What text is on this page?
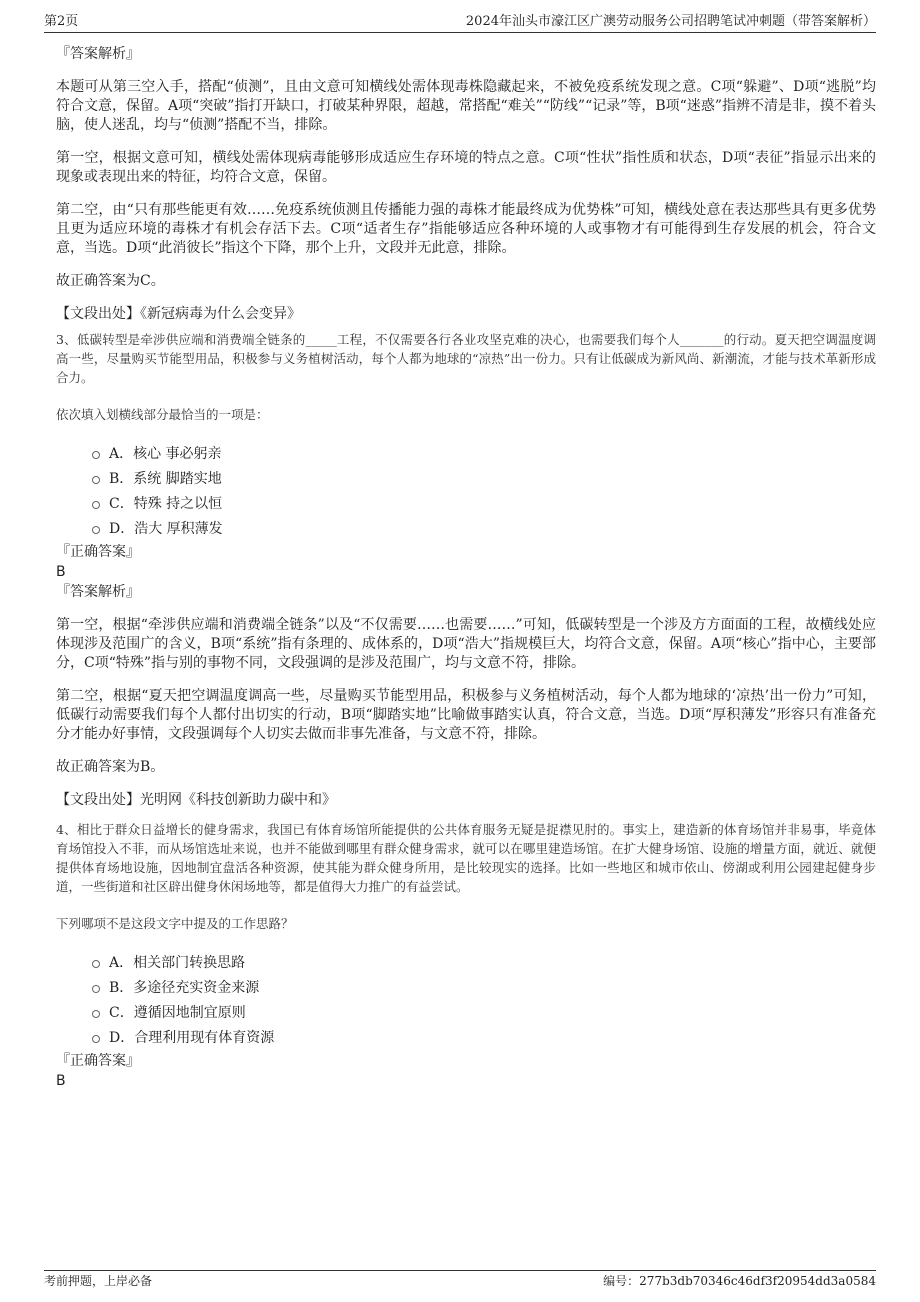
第2页	2024年汕头市濠江区广澳劳动服务公司招聘笔试冲刺题（带答案解析）

『答案解析』

本题可从第三空入手，搭配“侦测”，且由文意可知横线处需体现毒株隐藏起来，不被免疫系统发现之意。C项“躲避”、D项“逃脱”均符合文意，保留。A项“突破”指打开缺口，打破某种界限，超越，常搭配“难关”“防线”“记录”等，B项“迷惑”指辨不清是非，摸不着头脑，使人迷乱，均与“侦测”搭配不当，排除。

第一空，根据文意可知，横线处需体现病毒能够形成适应生存环境的特点之意。C项“性状”指性质和状态，D项“表征”指显示出来的现象或表现出来的特征，均符合文意，保留。

第二空，由“只有那些能更有效……免疫系统侦测且传播能力强的毒株才能最终成为优势株”可知，横线处意在表达那些具有更多优势且更为适应环境的毒株才有机会存活下去。C项“适者生存”指能够适应各种环境的人或事物才有可能得到生存发展的机会，符合文意，当选。D项“此消彼长”指这个下降，那个上升，文段并无此意，排除。

故正确答案为C。

【文段出处】《新冠病毒为什么会变异》

3、低碳转型是牵涉供应端和消费端全链条的_____工程，不仅需要各行各业攻坚克难的决心，也需要我们每个人_______的行动。夏天把空调温度调高一些，尽量购买节能型用品，积极参与义务植树活动，每个人都为地球的“凉热”出一份力。只有让低碳成为新风尚、新潮流，才能与技术革新形成合力。

依次填入划横线部分最恰当的一项是：

A．核心 事必躬亲
B．系统 脚踏实地
C．特殊 持之以恒
D．浩大 厚积薄发

『正确答案』

B

『答案解析』

第一空，根据“牵涉供应端和消费端全链条”以及“不仅需要……也需要……”可知，低碳转型是一个涉及方方面面的工程，故横线处应体现涉及范围广的含义，B项“系统”指有条理的、成体系的，D项“浩大”指规模巨大，均符合文意，保留。A项“核心”指中心，主要部分，C项“特殊”指与别的事物不同，文段强调的是涉及范围广，均与文意不符，排除。

第二空，根据“夏天把空调温度调高一些，尽量购买节能型用品，积极参与义务植树活动，每个人都为地球的‘凉热’出一份力”可知，低碳行动需要我们每个人都付出切实的行动，B项“脚踏实地”比喻做事踏实认真，符合文意，当选。D项“厚积薄发”形容只有准备充分才能办好事情，文段强调每个人切实去做而非事先准备，与文意不符，排除。

故正确答案为B。

【文段出处】光明网《科技创新助力碳中和》

4、相比于群众日益增长的健身需求，我国已有体育场馆所能提供的公共体育服务无疑是捉襟见肘的。事实上，建造新的体育场馆并非易事，毕竟体育场馆投入不菲，而从场馆选址来说，也并不能做到哪里有群众健身需求，就可以在哪里建造场馆。在扩大健身场馆、设施的增量方面，就近、就便提供体育场地设施，因地制宜盘活各种资源，使其能为群众健身所用，是比较现实的选择。比如一些地区和城市依山、傍湖或利用公园建起健身步道，一些街道和社区辟出健身休闲场地等，都是值得大力推广的有益尝试。

下列哪项不是这段文字中提及的工作思路？

A．相关部门转换思路
B．多途径充实资金来源
C．遵循因地制宜原则
D．合理利用现有体育资源

『正确答案』

B

考前押题，上岸必备	编号：277b3db70346c46df3f20954dd3a0584
